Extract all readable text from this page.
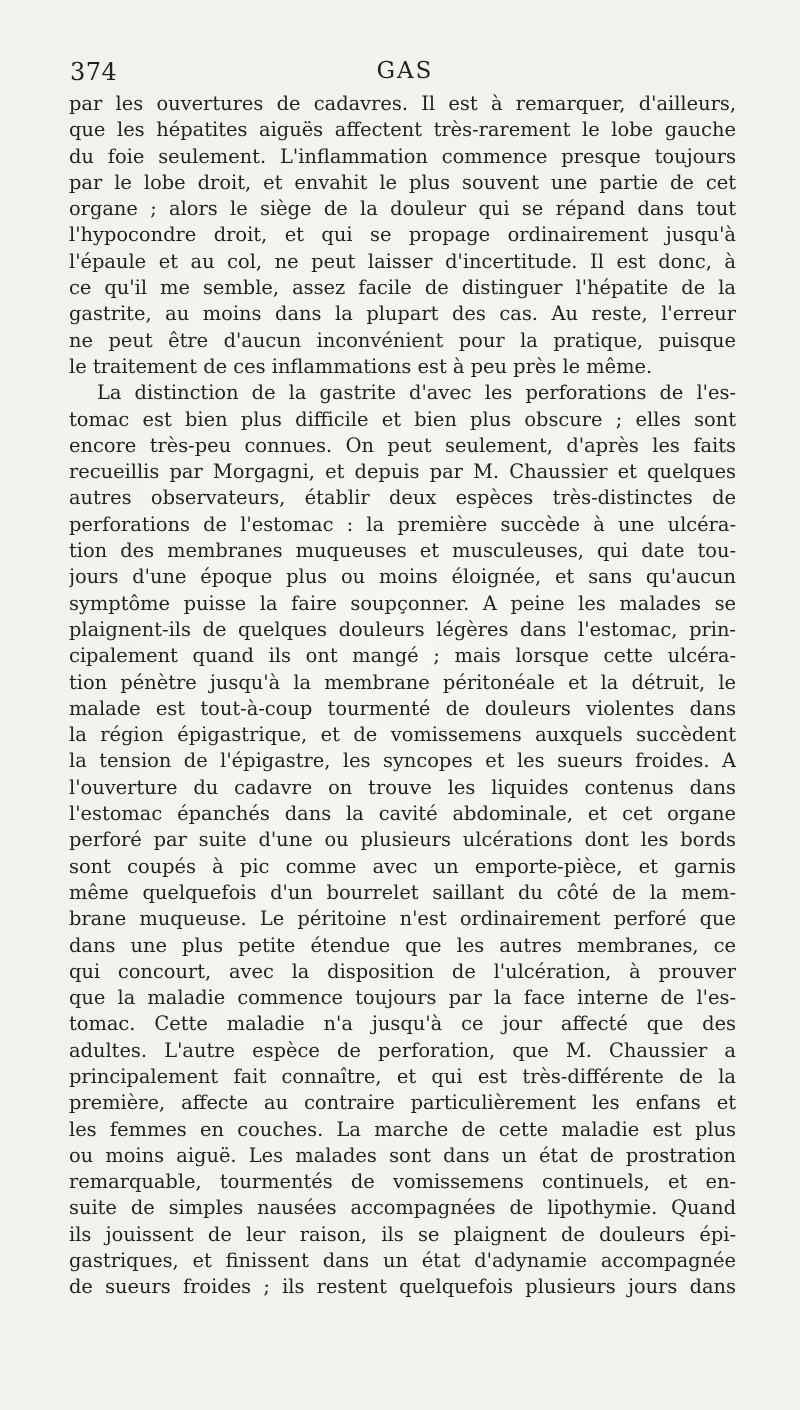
374	GAS
par les ouvertures de cadavres. Il est à remarquer, d'ailleurs,
que les hépatites aiguës affectent très-rarement le lobe gauche
du foie seulement. L'inflammation commence presque toujours
par le lobe droit, et envahit le plus souvent une partie de cet
organe ; alors le siège de la douleur qui se répand dans tout
l'hypocondre droit, et qui se propage ordinairement jusqu'à
l'épaule et au col, ne peut laisser d'incertitude. Il est donc, à
ce qu'il me semble, assez facile de distinguer l'hépatite de la
gastrite, au moins dans la plupart des cas. Au reste, l'erreur
ne peut être d'aucun inconvénient pour la pratique, puisque
le traitement de ces inflammations est à peu près le même.
La distinction de la gastrite d'avec les perforations de l'es-
tomac est bien plus difficile et bien plus obscure ; elles sont
encore très-peu connues. On peut seulement, d'après les faits
recueillis par Morgagni, et depuis par M. Chaussier et quelques
autres observateurs, établir deux espèces très-distinctes de
perforations de l'estomac : la première succède à une ulcéra-
tion des membranes muqueuses et musculeuses, qui date tou-
jours d'une époque plus ou moins éloignée, et sans qu'aucun
symptôme puisse la faire soupçonner. A peine les malades se
plaignent-ils de quelques douleurs légères dans l'estomac, prin-
cipalement quand ils ont mangé ; mais lorsque cette ulcéra-
tion pénètre jusqu'à la membrane péritonéale et la détruit, le
malade est tout-à-coup tourmenté de douleurs violentes dans
la région épigastrique, et de vomissemens auxquels succèdent
la tension de l'épigastre, les syncopes et les sueurs froides. A
l'ouverture du cadavre on trouve les liquides contenus dans
l'estomac épanchés dans la cavité abdominale, et cet organe
perforé par suite d'une ou plusieurs ulcérations dont les bords
sont coupés à pic comme avec un emporte-pièce, et garnis
même quelquefois d'un bourrelet saillant du côté de la mem-
brane muqueuse. Le péritoine n'est ordinairement perforé que
dans une plus petite étendue que les autres membranes, ce
qui concourt, avec la disposition de l'ulcération, à prouver
que la maladie commence toujours par la face interne de l'es-
tomac. Cette maladie n'a jusqu'à ce jour affecté que des
adultes. L'autre espèce de perforation, que M. Chaussier a
principalement fait connaître, et qui est très-différente de la
première, affecte au contraire particulièrement les enfans et
les femmes en couches. La marche de cette maladie est plus
ou moins aiguë. Les malades sont dans un état de prostration
remarquable, tourmentés de vomissemens continuels, et en-
suite de simples nausées accompagnées de lipothymie. Quand
ils jouissent de leur raison, ils se plaignent de douleurs épi-
gastriques, et finissent dans un état d'adynamie accompagnée
de sueurs froides ; ils restent quelquefois plusieurs jours dans
